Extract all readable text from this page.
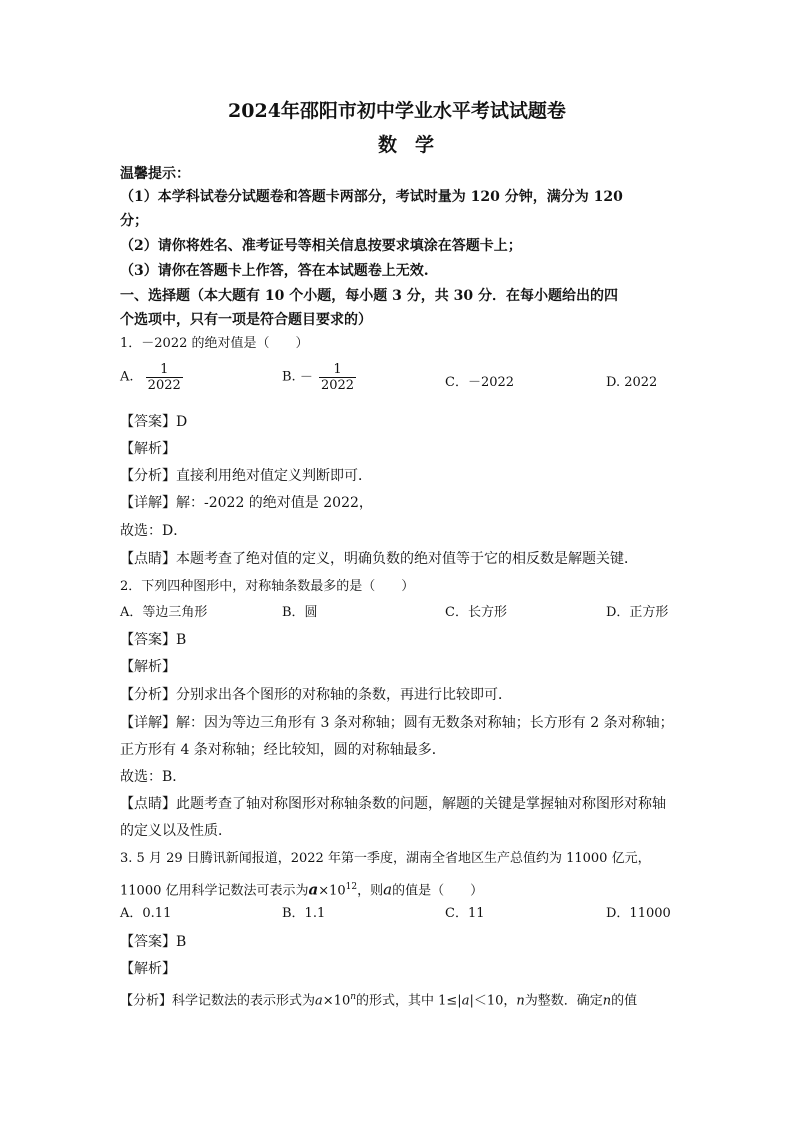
2024年邵阳市初中学业水平考试试题卷
数学
温馨提示：
（1）本学科试卷分试题卷和答题卡两部分，考试时量为 120 分钟，满分为 120
分；
（2）请你将姓名、准考证号等相关信息按要求填涂在答题卡上；
（3）请你在答题卡上作答，答在本试题卷上无效.
一、选择题（本大题有 10 个小题，每小题 3 分，共 30 分．在每小题给出的四
个选项中，只有一项是符合题目要求的）
1．－2022 的绝对值是（　　）
A. $\frac{1}{2022}$	B. － $\frac{1}{2022}$	C．－2022	D. 2022
【答案】D
【解析】
【分析】直接利用绝对值定义判断即可．
【详解】解：-2022 的绝对值是 2022，
故选：D．
【点睛】本题考查了绝对值的定义，明确负数的绝对值等于它的相反数是解题关键．
2．下列四种图形中，对称轴条数最多的是（　　）
A．等边三角形	B．圆	C．长方形	D．正方形
【答案】B
【解析】
【分析】分别求出各个图形的对称轴的条数，再进行比较即可．
【详解】解：因为等边三角形有 3 条对称轴；圆有无数条对称轴；长方形有 2 条对称轴；
正方形有 4 条对称轴；经比较知，圆的对称轴最多．
故选：B．
【点睛】此题考查了轴对称图形对称轴条数的问题，解题的关键是掌握轴对称图形对称轴
的定义以及性质．
3. 5 月 29 日腾讯新闻报道，2022 年第一季度，湖南全省地区生产总值约为 11000 亿元，
11000 亿用科学记数法可表示为$a\times 10^{12}$，则a的值是（　　）
A．0.11	B．1.1	C．11	D．11000
【答案】B
【解析】
【分析】科学记数法的表示形式为$a\times 10^n$的形式，其中 1≤|a|＜10，n为整数．确定n的值
